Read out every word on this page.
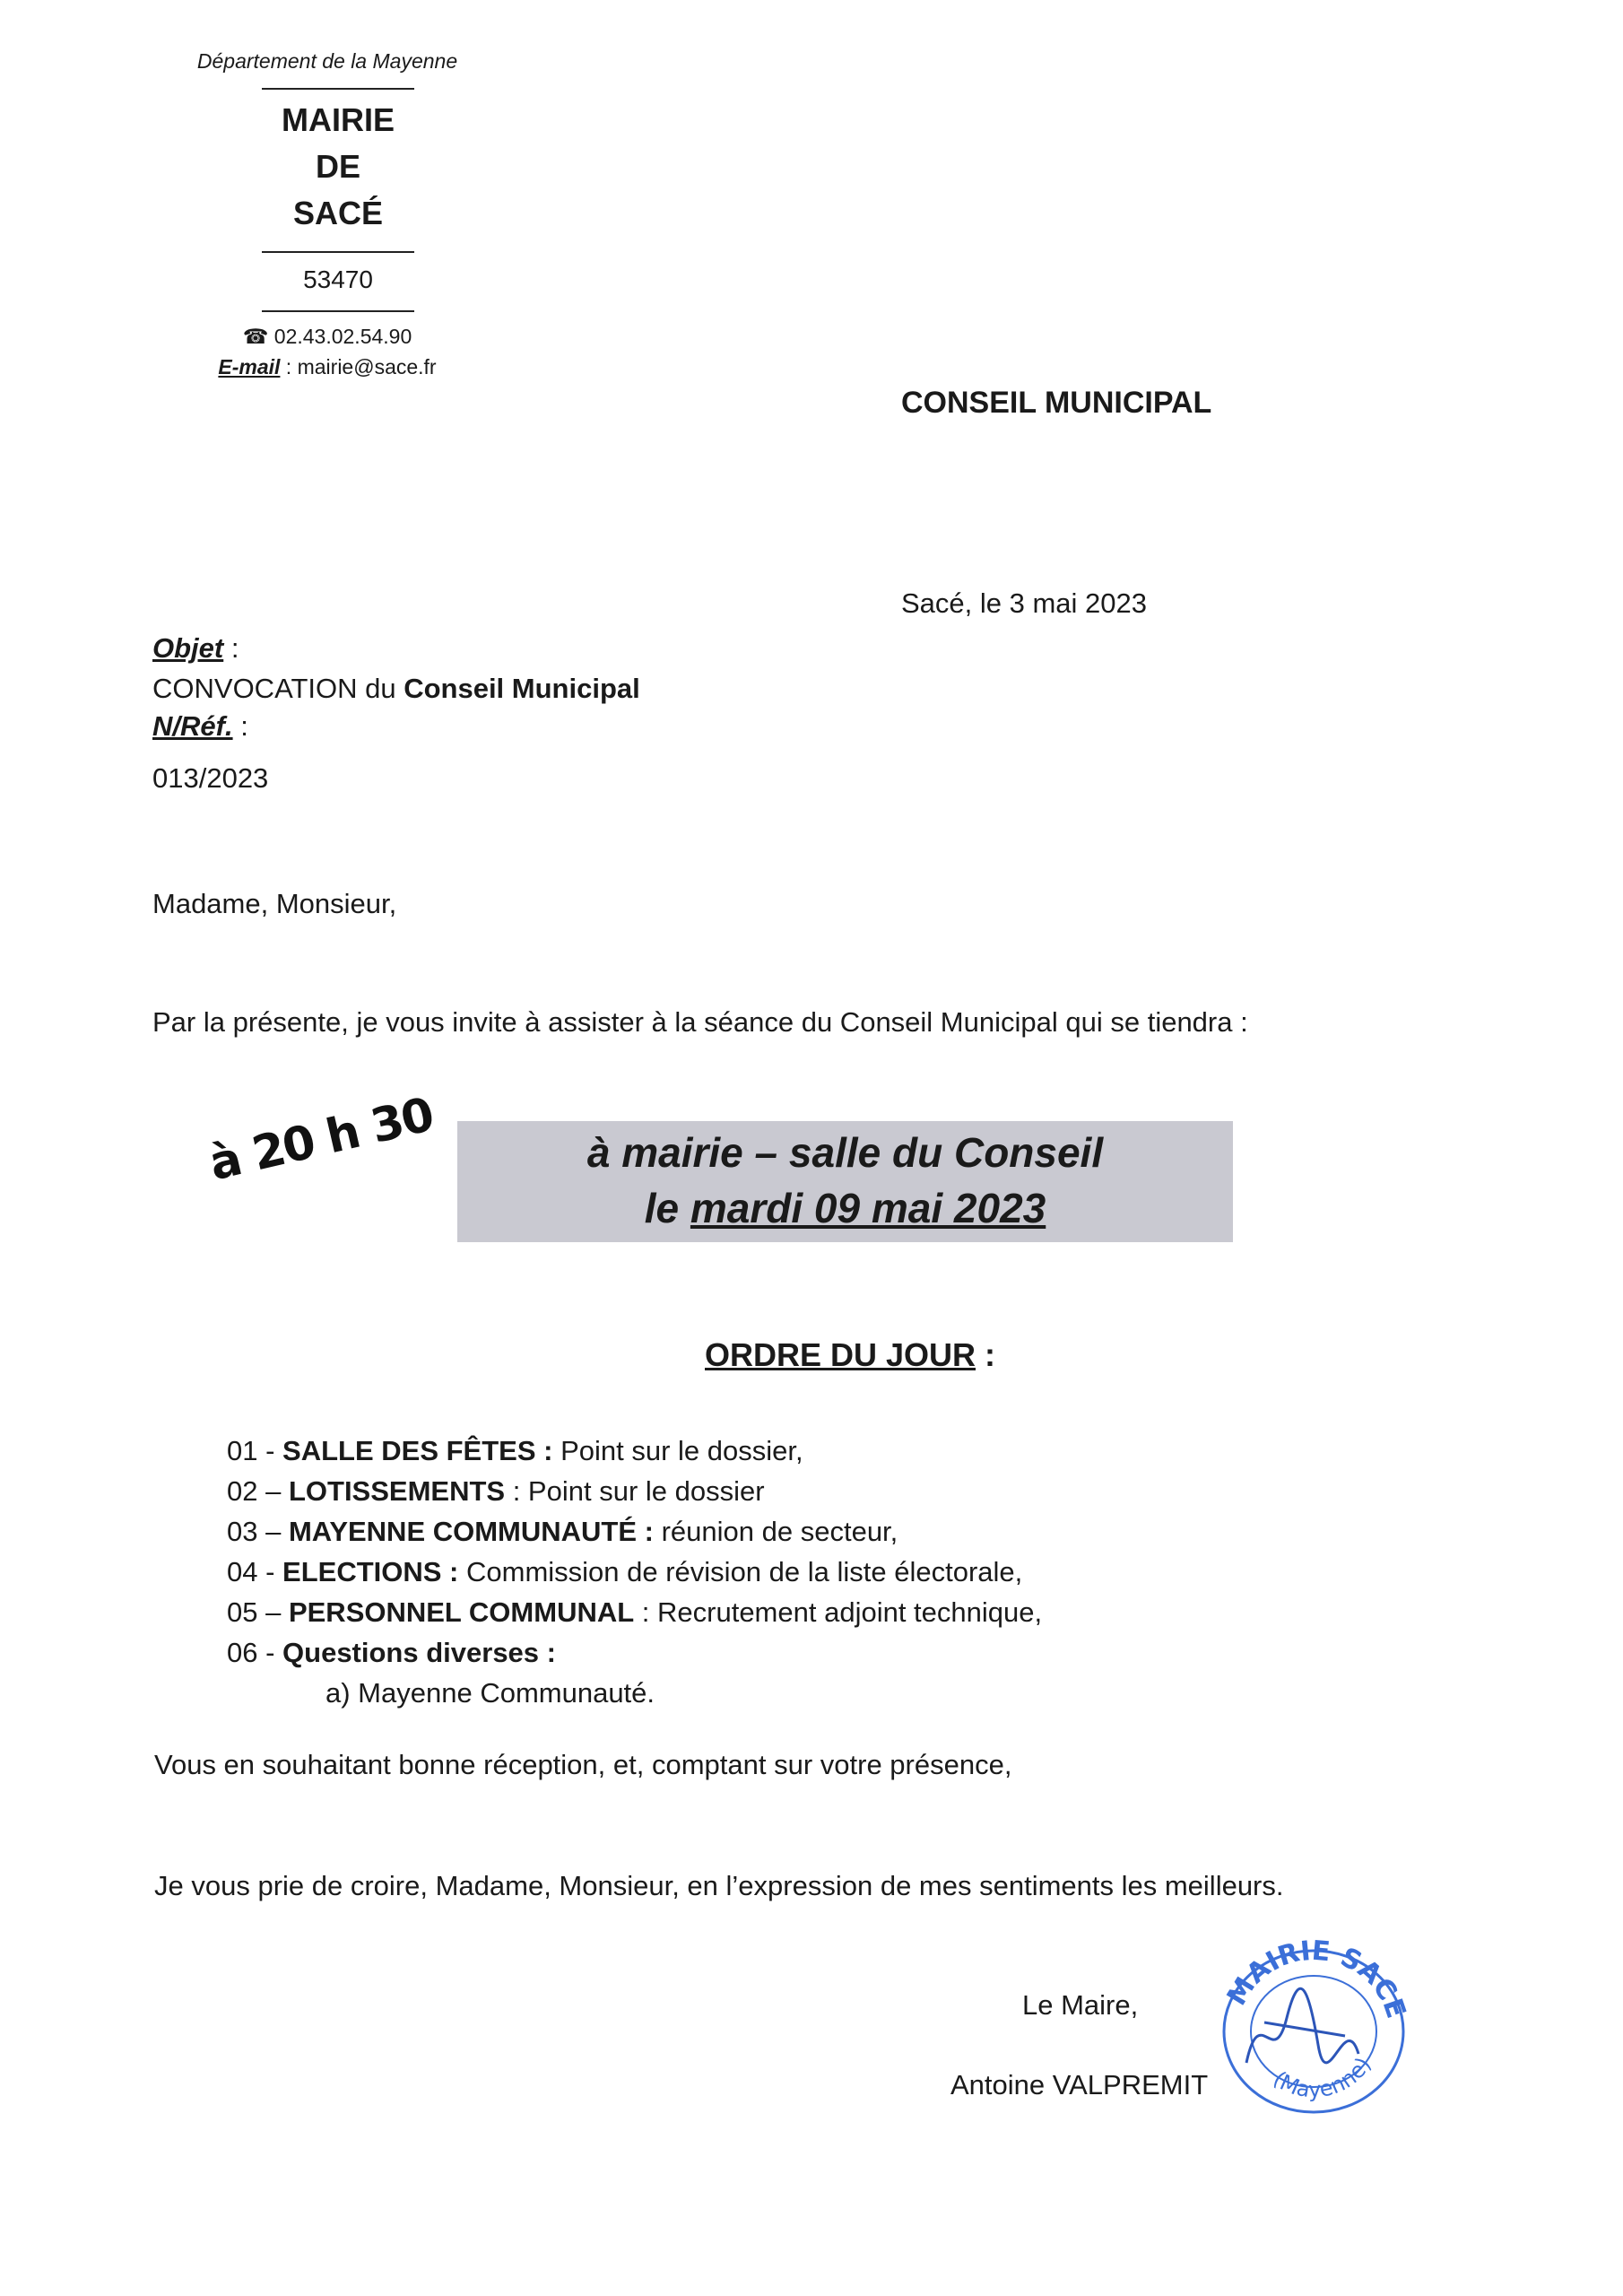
Département de la Mayenne
MAIRIE
DE
SACÉ
53470
☎ 02.43.02.54.90
E-mail : mairie@sace.fr
CONSEIL MUNICIPAL
Sacé, le 3 mai 2023
Objet :
CONVOCATION du Conseil Municipal
N/Réf. :
013/2023
Madame, Monsieur,
Par la présente, je vous invite à assister à la séance du Conseil Municipal qui se tiendra :
à 20 h 30	à mairie – salle du Conseil
le mardi 09 mai 2023
ORDRE DU JOUR :
01 - SALLE DES FÊTES : Point sur le dossier,
02 – LOTISSEMENTS : Point sur le dossier
03 – MAYENNE COMMUNAUTÉ : réunion de secteur,
04 - ELECTIONS : Commission de révision de la liste électorale,
05 – PERSONNEL COMMUNAL : Recrutement adjoint technique,
06 - Questions diverses :
a) Mayenne Communauté.
Vous en souhaitant bonne réception, et, comptant sur votre présence,
Je vous prie de croire, Madame, Monsieur, en l’expression de mes sentiments les meilleurs.
Le Maire,
Antoine VALPREMIT
MAIRIE SACE
(Mayenne)
